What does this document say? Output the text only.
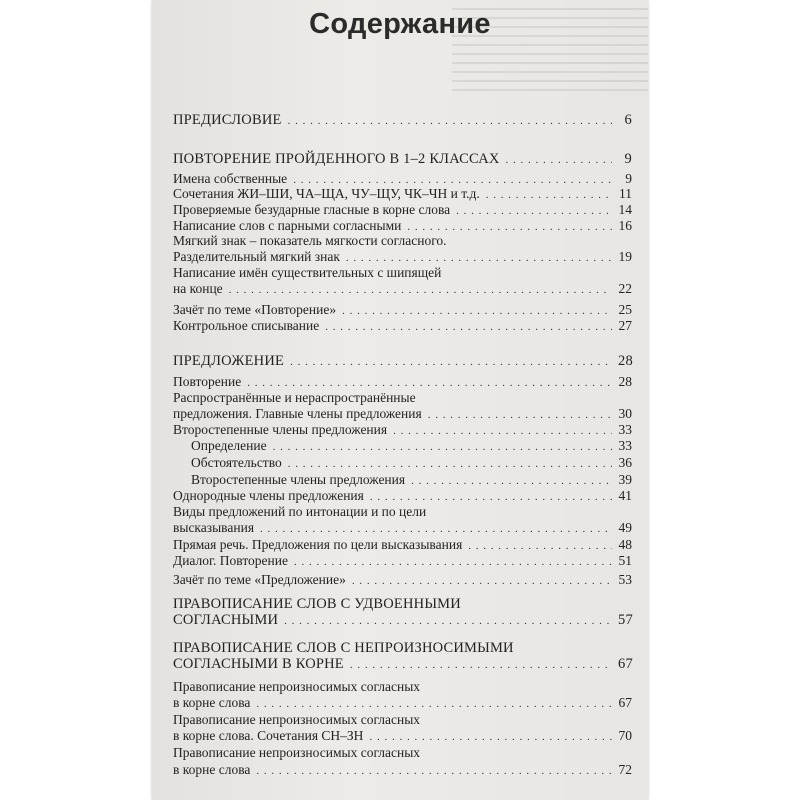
Содержание
ПРЕДИСЛОВИЕ . . .	6
ПОВТОРЕНИЕ ПРОЙДЕННОГО В 1–2 КЛАССАХ . . .	9
Имена собственные . . .	9
Сочетания ЖИ–ШИ, ЧА–ЩА, ЧУ–ЩУ, ЧК–ЧН и т.д. . . .	11
Проверяемые безударные гласные в корне слова . . .	14
Написание слов с парными согласными . . .	16
Мягкий знак – показатель мягкости согласного.
Разделительный мягкий знак . . .	19
Написание имён существительных с шипящей
на конце . . .	22
Зачёт по теме «Повторение» . . .	25
Контрольное списывание . . .	27
ПРЕДЛОЖЕНИЕ . . .	28
Повторение . . .	28
Распространённые и нераспространённые
предложения. Главные члены предложения . . .	30
Второстепенные члены предложения . . .	33
Определение . . .	33
Обстоятельство . . .	36
Второстепенные члены предложения . . .	39
Однородные члены предложения . . .	41
Виды предложений по интонации и по цели
высказывания . . .	49
Прямая речь. Предложения по цели высказывания . . .	48
Диалог. Повторение . . .	51
Зачёт по теме «Предложение» . . .	53
ПРАВОПИСАНИЕ СЛОВ С УДВОЕННЫМИ
СОГЛАСНЫМИ . . .	57
ПРАВОПИСАНИЕ СЛОВ С НЕПРОИЗНОСИМЫМИ
СОГЛАСНЫМИ В КОРНЕ . . .	67
Правописание непроизносимых согласных
в корне слова . . .	67
Правописание непроизносимых согласных
в корне слова. Сочетания СН–ЗН . . .	70
Правописание непроизносимых согласных
в корне слова . . .	72
